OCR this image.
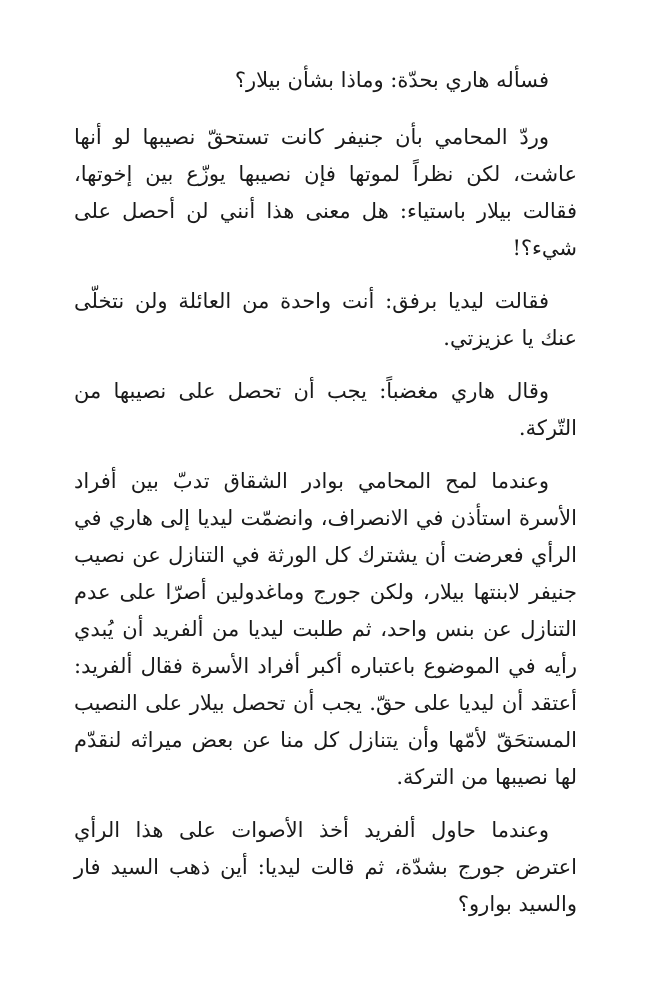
فسأله هاري بحدّة: وماذا بشأن بيلار؟

وردّ المحامي بأن جنيفر كانت تستحقّ نصيبها لو أنها عاشت، لكن نظراً لموتها فإن نصيبها يوزّع بين إخوتها، فقالت بيلار باستياء: هل معنى هذا أنني لن أحصل على شيء؟!

فقالت ليديا برفق: أنت واحدة من العائلة ولن نتخلّى عنك يا عزيزتي.

وقال هاري مغضباً: يجب أن تحصل على نصيبها من التّركة.

وعندما لمح المحامي بوادر الشقاق تدبّ بين أفراد الأسرة استأذن في الانصراف، وانضمّت ليديا إلى هاري في الرأي فعرضت أن يشترك كل الورثة في التنازل عن نصيب جنيفر لابنتها بيلار، ولكن جورج وماغدولين أصرّا على عدم التنازل عن بنس واحد، ثم طلبت ليديا من ألفريد أن يُبدي رأيه في الموضوع باعتباره أكبر أفراد الأسرة فقال ألفريد: أعتقد أن ليديا على حقّ. يجب أن تحصل بيلار على النصيب المستحَقّ لأمّها وأن يتنازل كل منا عن بعض ميراثه لنقدّم لها نصيبها من التركة.

وعندما حاول ألفريد أخذ الأصوات على هذا الرأي اعترض جورج بشدّة، ثم قالت ليديا: أين ذهب السيد فار والسيد بوارو؟
